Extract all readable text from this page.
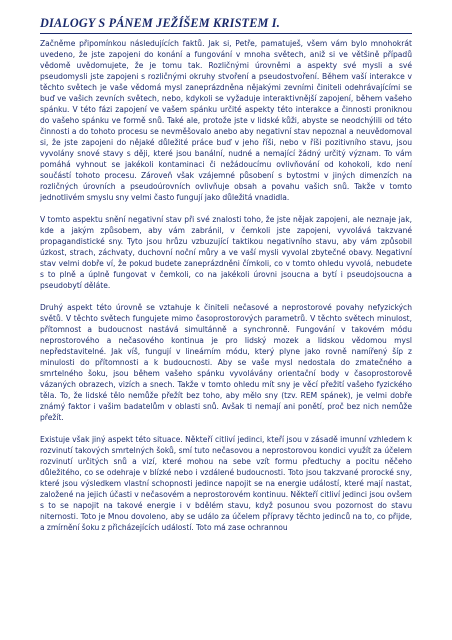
DIALOGY S PÁNEM JEŽÍŠEM KRISTEM I.

Začněme připomínkou následujících faktů. Jak si, Petře, pamatuješ, všem vám bylo mnohokrát uvedeno, že jste zapojeni do konání a fungování v mnoha světech, aniž si ve většině případů vědomě uvědomujete, že je tomu tak. Rozličnými úrovněmi a aspekty své mysli a své pseudomysli jste zapojeni s rozličnými okruhy stvoření a pseudostvoření. Během vaší interakce v těchto světech je vaše vědomá mysl zaneprázdněna nějakými zevními činiteli odehrávajícími se buď ve vašich zevních světech, nebo, kdykoli se vyžaduje interaktivnější zapojení, během vašeho spánku. V této fázi zapojení ve vašem spánku určité aspekty této interakce a činnosti proniknou do vašeho spánku ve formě snů. Také ale, protože jste v lidské kůži, abyste se neodchýlili od této činnosti a do tohoto procesu se nevměšovalo anebo aby negativní stav nepoznal a neuvědomoval si, že jste zapojeni do nějaké důležité práce buď v jeho říši, nebo v říši pozitivního stavu, jsou vyvolány snové stavy s ději, které jsou banální, nudné a nemající žádný určitý význam. To vám pomáhá vyhnout se jakékoli kontaminaci či nežádoucímu ovlivňování od kohokoli, kdo není součástí tohoto procesu. Zároveň však vzájemné působení s bytostmi v jiných dimenzích na rozličných úrovních a pseudoúrovních ovlivňuje obsah a povahu vašich snů. Takže v tomto jednotlivém smyslu sny velmi často fungují jako důležitá vnadidla.

V tomto aspektu snění negativní stav při své znalosti toho, že jste nějak zapojeni, ale neznaje jak, kde a jakým způsobem, aby vám zabránil, v čemkoli jste zapojeni, vyvolává takzvané propagandistické sny. Tyto jsou hrůzu vzbuzující taktikou negativního stavu, aby vám způsobil úzkost, strach, záchvaty, duchovní noční můry a ve vaší mysli vyvolal zbytečné obavy. Negativní stav velmi dobře ví, že pokud budete zaneprázdněni čímkoli, co v tomto ohledu vyvolá, nebudete s to plně a úplně fungovat v čemkoli, co na jakékoli úrovni jsoucna a bytí i pseudojsoucna a pseudobytí děláte.

Druhý aspekt této úrovně se vztahuje k činiteli nečasové a neprostorové povahy nefyzických světů. V těchto světech fungujete mimo časoprostorových parametrů. V těchto světech minulost, přítomnost a budoucnost nastává simultánně a synchronně. Fungování v takovém módu neprostorového a nečasového kontinua je pro lidský mozek a lidskou vědomou mysl nepředstavitelné. Jak víš, fungují v lineárním módu, který plyne jako rovně namířený šíp z minulosti do přítomnosti a k budoucnosti. Aby se vaše mysl nedostala do zmatečného a smrtelného šoku, jsou během vašeho spánku vyvolávány orientační body v časoprostorově vázaných obrazech, vizích a snech. Takže v tomto ohledu mít sny je věcí přežití vašeho fyzického těla. To, že lidské tělo nemůže přežít bez toho, aby mělo sny (tzv. REM spánek), je velmi dobře známý faktor i vašim badatelům v oblasti snů. Avšak ti nemají ani ponětí, proč bez nich nemůže přežít.

Existuje však jiný aspekt této situace. Někteří citliví jedinci, kteří jsou v zásadě imunní vzhledem k rozvinutí takových smrtelných šoků, smí tuto nečasovou a neprostorovou kondici využít za účelem rozvinutí určitých snů a vizí, které mohou na sebe vzít formu předtuchy a pocitu něčeho důležitého, co se odehraje v blízké nebo i vzdálené budoucnosti. Toto jsou takzvané prorocké sny, které jsou výsledkem vlastní schopnosti jedince napojit se na energie událostí, které mají nastat, založené na jejich účasti v nečasovém a neprostorovém kontinuu. Někteří citliví jedinci jsou ovšem s to se napojit na takové energie i v bdělém stavu, když posunou svou pozornost do stavu niternosti. Toto je Mnou dovoleno, aby se událo za účelem přípravy těchto jedinců na to, co přijde, a zmírnění šoku z přicházejících událostí. Toto má zase ochrannou
